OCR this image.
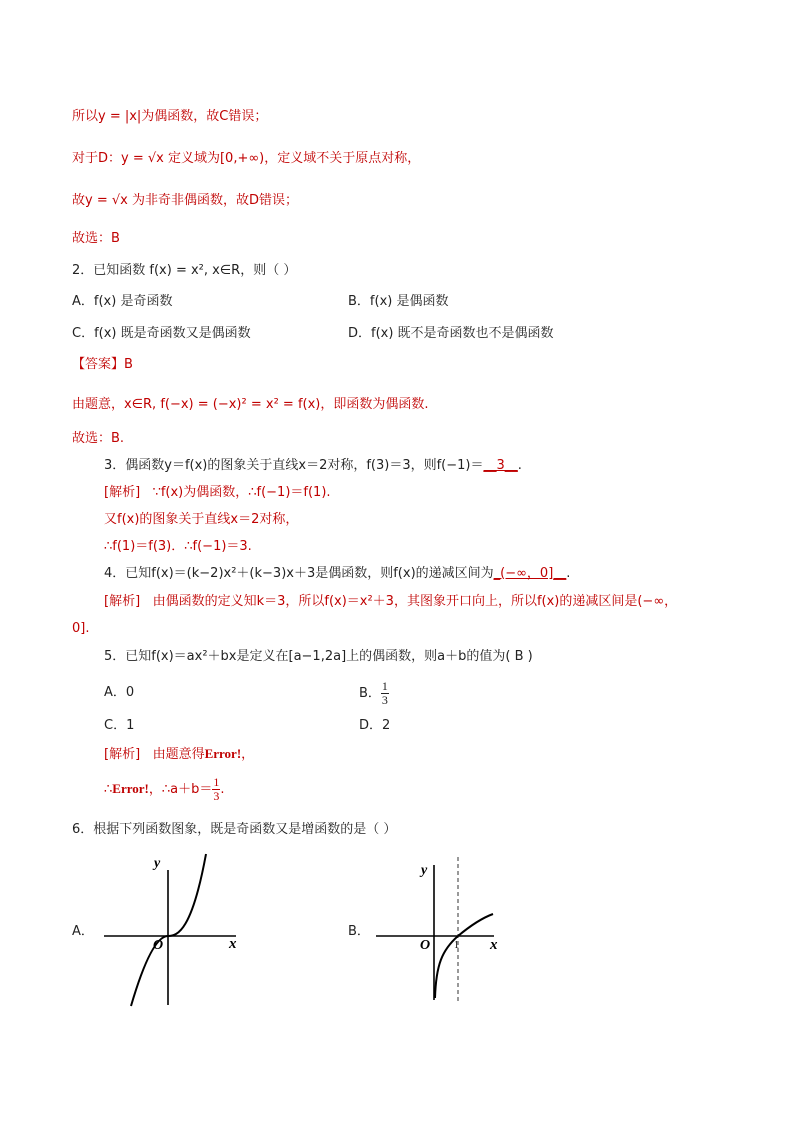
所以y = |x|为偶函数，故C错误；
对于D：y = √x 定义域为[0,+∞)，定义域不关于原点对称，
故y = √x 为非奇非偶函数，故D错误；
故选：B
2．已知函数 f(x) = x², x∈R，则（ ）
A．f(x) 是奇函数	B．f(x) 是偶函数
C．f(x) 既是奇函数又是偶函数	D．f(x) 既不是奇函数也不是偶函数
【答案】B
由题意，x∈R, f(−x) = (−x)² = x² = f(x)，即函数为偶函数.
故选：B.
3．偶函数y＝f(x)的图象关于直线x＝2对称，f(3)＝3，则f(−1)＝__3__.
[解析] ∵f(x)为偶函数，∴f(−1)＝f(1).
又f(x)的图象关于直线x＝2对称，
∴f(1)＝f(3)．∴f(−1)＝3.
4．已知f(x)＝(k−2)x²＋(k−3)x＋3是偶函数，则f(x)的递减区间为_(−∞，0]__.
[解析] 由偶函数的定义知k＝3，所以f(x)＝x²＋3，其图象开口向上，所以f(x)的递减区间是(−∞，
0].
5．已知f(x)＝ax²＋bx是定义在[a−1,2a]上的偶函数，则a＋b的值为( B )
A．0	B． $\frac{1}{3}$
C．1	D．2
[解析] 由题意得Error!，
∴Error!，∴a＋b＝ $\frac{1}{3}$ .
6．根据下列函数图象，既是奇函数又是增函数的是（ ）
A．	B．
O	x
y
O 1 x
y
